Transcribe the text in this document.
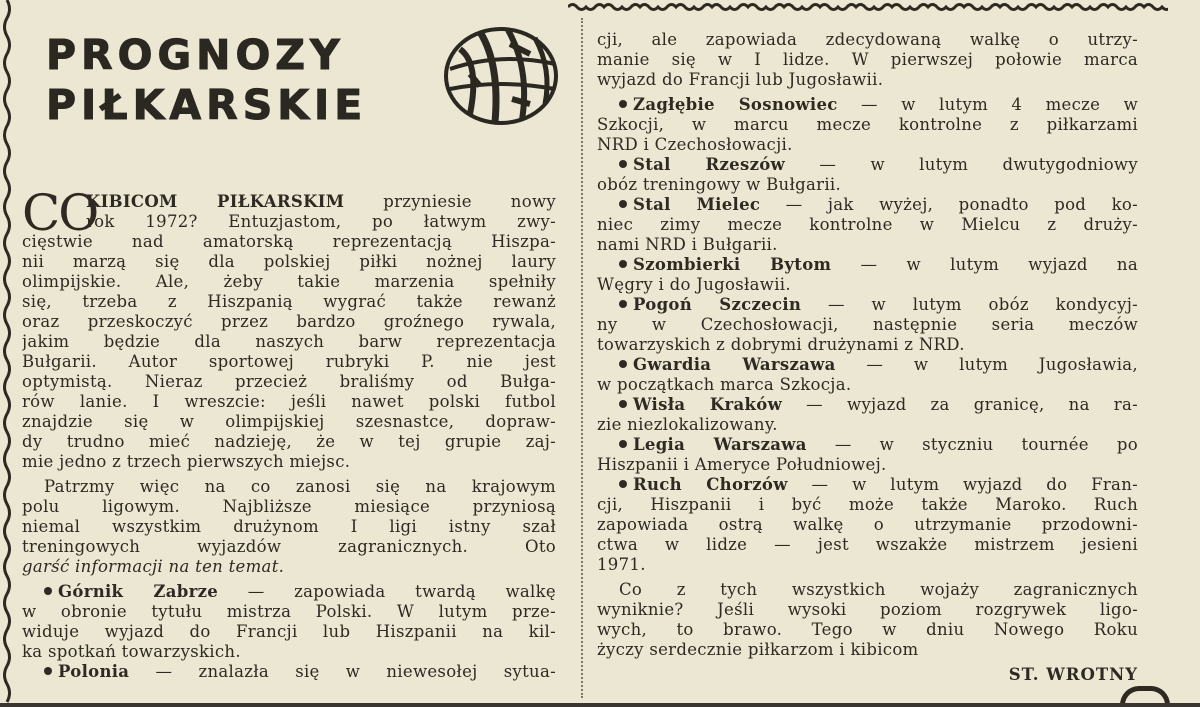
PROGNOZY
PIŁKARSKIE
CO
KIBICOM PIŁKARSKIM przyniesie nowy
rok 1972? Entuzjastom, po łatwym zwy-
cięstwie nad amatorską reprezentacją Hiszpa-
nii marzą się dla polskiej piłki nożnej laury
olimpijskie. Ale, żeby takie marzenia spełniły
się, trzeba z Hiszpanią wygrać także rewanż
oraz przeskoczyć przez bardzo groźnego rywala,
jakim będzie dla naszych barw reprezentacja
Bułgarii. Autor sportowej rubryki P. nie jest
optymistą. Nieraz przecież braliśmy od Bułga-
rów lanie. I wreszcie: jeśli nawet polski futbol
znajdzie się w olimpijskiej szesnastce, dopraw-
dy trudno mieć nadzieję, że w tej grupie zaj-
mie jedno z trzech pierwszych miejsc.
Patrzmy więc na co zanosi się na krajowym
polu ligowym. Najbliższe miesiące przyniosą
niemal wszystkim drużynom I ligi istny szał
treningowych wyjazdów zagranicznych. Oto
garść informacji na ten temat.
Górnik Zabrze — zapowiada twardą walkę
w obronie tytułu mistrza Polski. W lutym prze-
widuje wyjazd do Francji lub Hiszpanii na kil-
ka spotkań towarzyskich.
Polonia — znalazła się w niewesołej sytua-
cji, ale zapowiada zdecydowaną walkę o utrzy-
manie się w I lidze. W pierwszej połowie marca
wyjazd do Francji lub Jugosławii.
Zagłębie Sosnowiec — w lutym 4 mecze w
Szkocji, w marcu mecze kontrolne z piłkarzami
NRD i Czechosłowacji.
Stal Rzeszów — w lutym dwutygodniowy
obóz treningowy w Bułgarii.
Stal Mielec — jak wyżej, ponadto pod ko-
niec zimy mecze kontrolne w Mielcu z druży-
nami NRD i Bułgarii.
Szombierki Bytom — w lutym wyjazd na
Węgry i do Jugosławii.
Pogoń Szczecin — w lutym obóz kondycyj-
ny w Czechosłowacji, następnie seria meczów
towarzyskich z dobrymi drużynami z NRD.
Gwardia Warszawa — w lutym Jugosławia,
w początkach marca Szkocja.
Wisła Kraków — wyjazd za granicę, na ra-
zie niezlokalizowany.
Legia Warszawa — w styczniu tournée po
Hiszpanii i Ameryce Południowej.
Ruch Chorzów — w lutym wyjazd do Fran-
cji, Hiszpanii i być może także Maroko. Ruch
zapowiada ostrą walkę o utrzymanie przodowni-
ctwa w lidze — jest wszakże mistrzem jesieni
1971.
Co z tych wszystkich wojaży zagranicznych
wyniknie? Jeśli wysoki poziom rozgrywek ligo-
wych, to brawo. Tego w dniu Nowego Roku
życzy serdecznie piłkarzom i kibicom
ST. WROTNY
